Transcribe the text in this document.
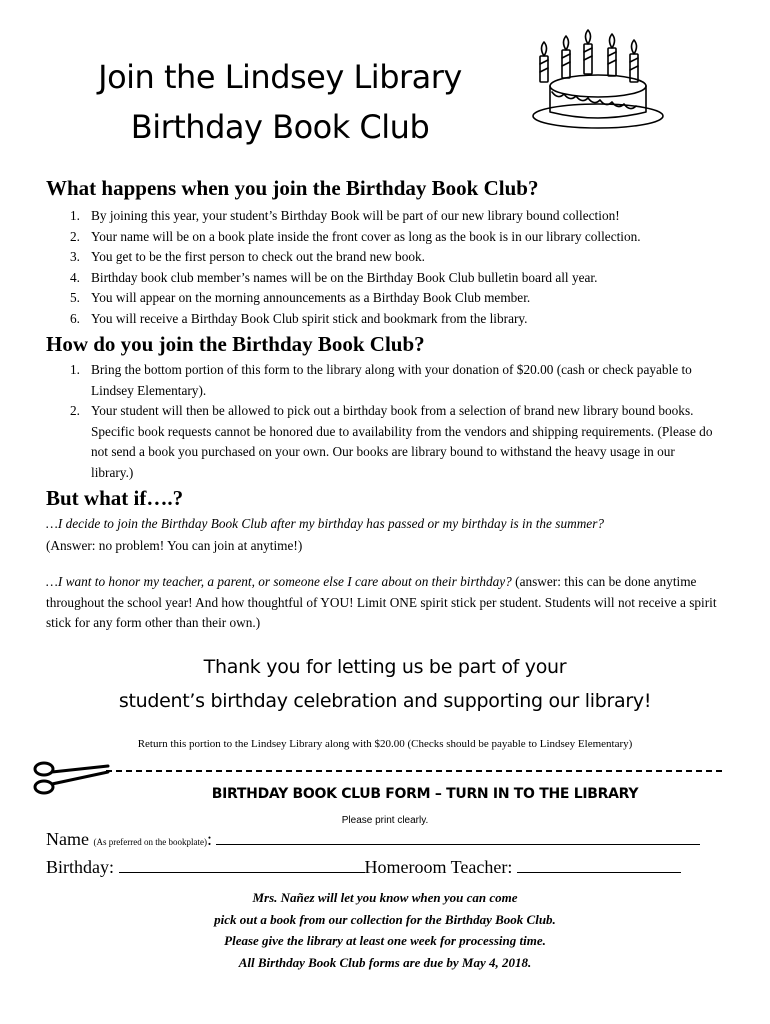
Join the Lindsey Library
Birthday Book Club
What happens when you join the Birthday Book Club?
1. By joining this year, your student’s Birthday Book will be part of our new library bound collection!
2. Your name will be on a book plate inside the front cover as long as the book is in our library collection.
3. You get to be the first person to check out the brand new book.
4. Birthday book club member’s names will be on the Birthday Book Club bulletin board all year.
5. You will appear on the morning announcements as a Birthday Book Club member.
6. You will receive a Birthday Book Club spirit stick and bookmark from the library.
How do you join the Birthday Book Club?
1. Bring the bottom portion of this form to the library along with your donation of $20.00 (cash or check payable to Lindsey Elementary).
2. Your student will then be allowed to pick out a birthday book from a selection of brand new library bound books. Specific book requests cannot be honored due to availability from the vendors and shipping requirements. (Please do not send a book you purchased on your own. Our books are library bound to withstand the heavy usage in our library.)
But what if….?
…I decide to join the Birthday Book Club after my birthday has passed or my birthday is in the summer?
(Answer: no problem! You can join at anytime!)
…I want to honor my teacher, a parent, or someone else I care about on their birthday? (answer: this can be done anytime throughout the school year! And how thoughtful of YOU! Limit ONE spirit stick per student. Students will not receive a spirit stick for any form other than their own.)
Thank you for letting us be part of your
student’s birthday celebration and supporting our library!
Return this portion to the Lindsey Library along with $20.00 (Checks should be payable to Lindsey Elementary)
BIRTHDAY BOOK CLUB FORM – TURN IN TO THE LIBRARY
Please print clearly.
Name (As preferred on the bookplate):
Birthday:	Homeroom Teacher:
Mrs. Nañez will let you know when you can come
pick out a book from our collection for the Birthday Book Club.
Please give the library at least one week for processing time.
All Birthday Book Club forms are due by May 4, 2018.
